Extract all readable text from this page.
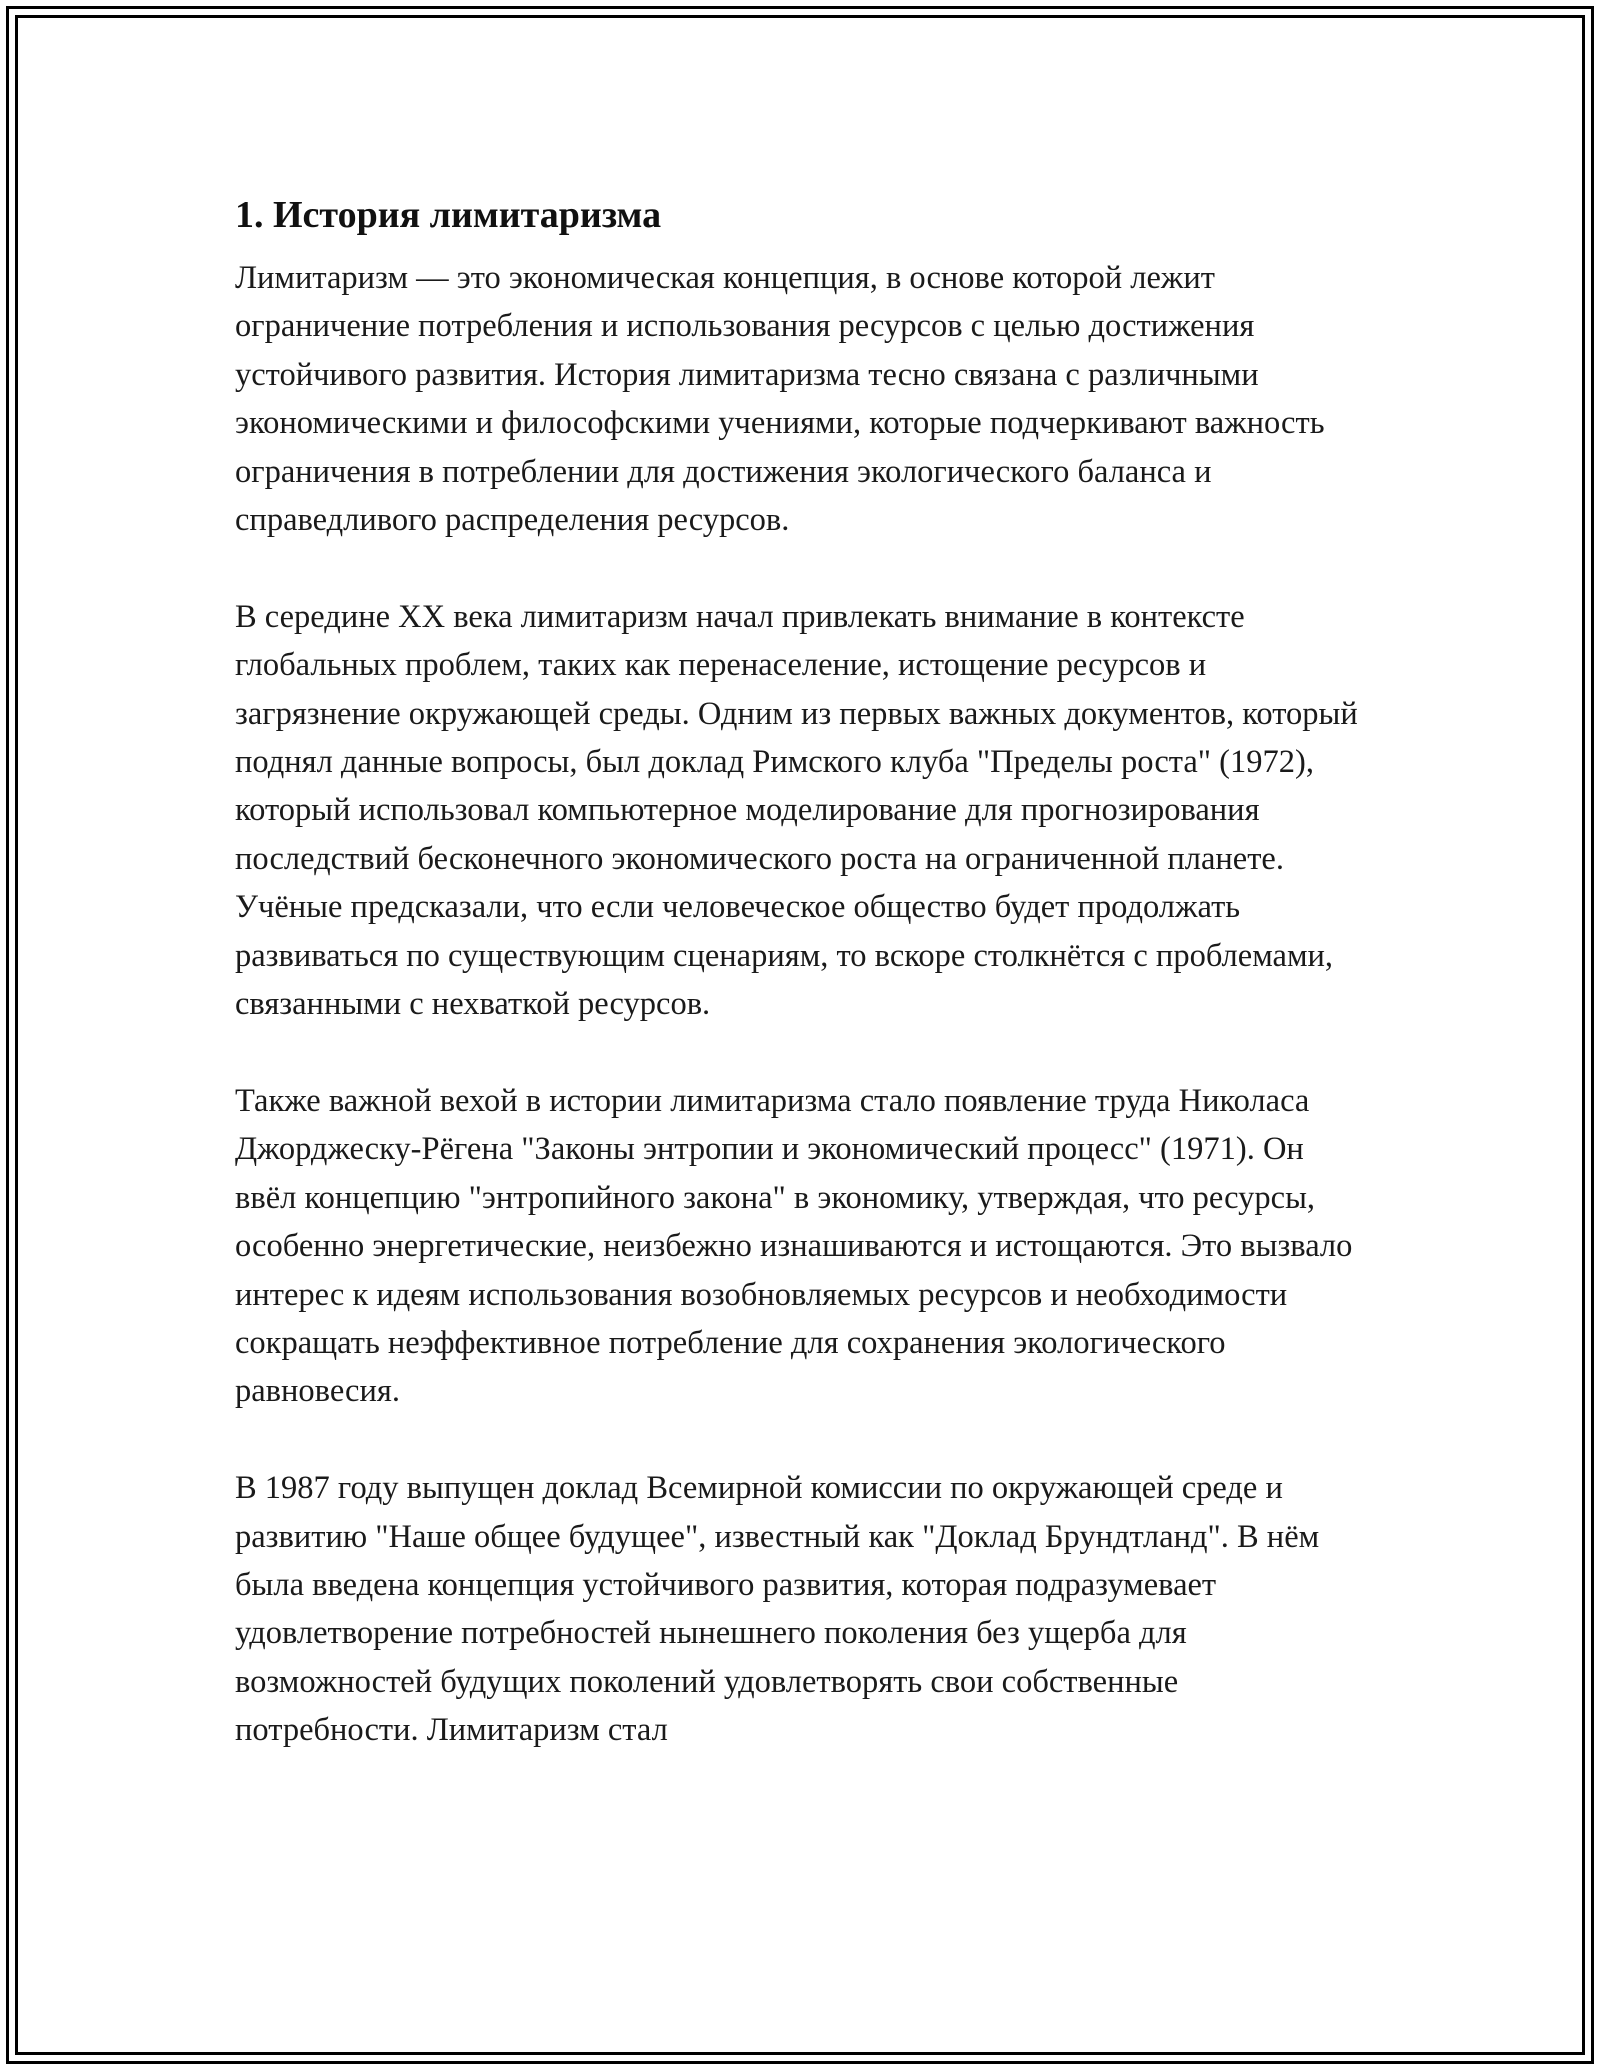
1. История лимитаризма

Лимитаризм — это экономическая концепция, в основе которой лежит ограничение потребления и использования ресурсов с целью достижения устойчивого развития. История лимитаризма тесно связана с различными экономическими и философскими учениями, которые подчеркивают важность ограничения в потреблении для достижения экологического баланса и справедливого распределения ресурсов.

В середине XX века лимитаризм начал привлекать внимание в контексте глобальных проблем, таких как перенаселение, истощение ресурсов и загрязнение окружающей среды. Одним из первых важных документов, который поднял данные вопросы, был доклад Римского клуба "Пределы роста" (1972), который использовал компьютерное моделирование для прогнозирования последствий бесконечного экономического роста на ограниченной планете. Учёные предсказали, что если человеческое общество будет продолжать развиваться по существующим сценариям, то вскоре столкнётся с проблемами, связанными с нехваткой ресурсов.

Также важной вехой в истории лимитаризма стало появление труда Николаса Джорджеску-Рёгена "Законы энтропии и экономический процесс" (1971). Он ввёл концепцию "энтропийного закона" в экономику, утверждая, что ресурсы, особенно энергетические, неизбежно изнашиваются и истощаются. Это вызвало интерес к идеям использования возобновляемых ресурсов и необходимости сокращать неэффективное потребление для сохранения экологического равновесия.

В 1987 году выпущен доклад Всемирной комиссии по окружающей среде и развитию "Наше общее будущее", известный как "Доклад Брундтланд". В нём была введена концепция устойчивого развития, которая подразумевает удовлетворение потребностей нынешнего поколения без ущерба для возможностей будущих поколений удовлетворять свои собственные потребности. Лимитаризм стал
